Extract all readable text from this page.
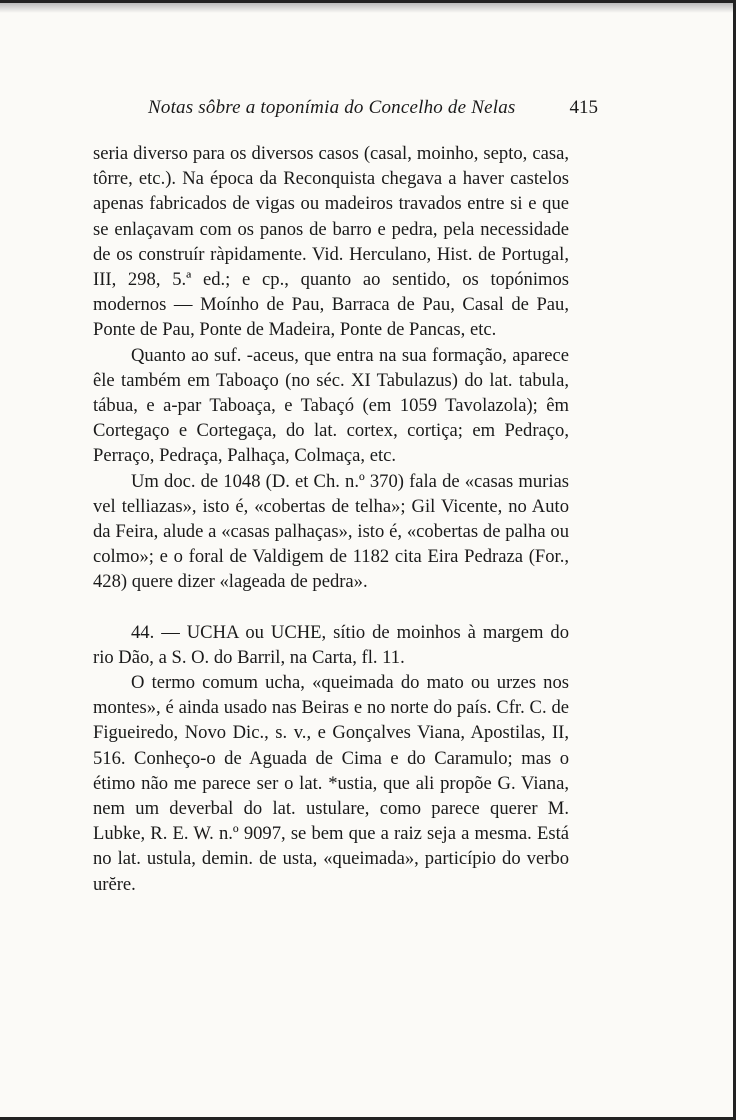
Notas sôbre a toponímia do Concelho de Nelas	415

seria diverso para os diversos casos (casal, moinho, septo, casa, tôrre, etc.). Na época da Reconquista chegava a haver castelos apenas fabricados de vigas ou madeiros travados entre si e que se enlaçavam com os panos de barro e pedra, pela necessidade de os construír ràpidamente. Vid. Herculano, Hist. de Portugal, III, 298, 5.ª ed.; e cp., quanto ao sentido, os topónimos modernos — Moínho de Pau, Barraca de Pau, Casal de Pau, Ponte de Pau, Ponte de Madeira, Ponte de Pancas, etc.

Quanto ao suf. -aceus, que entra na sua formação, aparece êle também em Taboaço (no séc. XI Tabulazus) do lat. tabula, tábua, e a-par Taboaça, e Tabaçó (em 1059 Tavolazola); êm Cortegaço e Cortegaça, do lat. cortex, cortiça; em Pedraço, Perraço, Pedraça, Palhaça, Colmaça, etc.

Um doc. de 1048 (D. et Ch. n.º 370) fala de «casas murias vel telliazas», isto é, «cobertas de telha»; Gil Vicente, no Auto da Feira, alude a «casas palhaças», isto é, «cobertas de palha ou colmo»; e o foral de Valdigem de 1182 cita Eira Pedraza (For., 428) quere dizer «lageada de pedra».

44. — UCHA ou UCHE, sítio de moinhos à margem do rio Dão, a S. O. do Barril, na Carta, fl. 11.

O termo comum ucha, «queimada do mato ou urzes nos montes», é ainda usado nas Beiras e no norte do país. Cfr. C. de Figueiredo, Novo Dic., s. v., e Gonçalves Viana, Apostilas, II, 516. Conheço-o de Aguada de Cima e do Caramulo; mas o étimo não me parece ser o lat. *ustia, que ali propõe G. Viana, nem um deverbal do lat. ustulare, como parece querer M. Lubke, R. E. W. n.º 9097, se bem que a raiz seja a mesma. Está no lat. ustula, demin. de usta, «queimada», particípio do verbo urĕre.
